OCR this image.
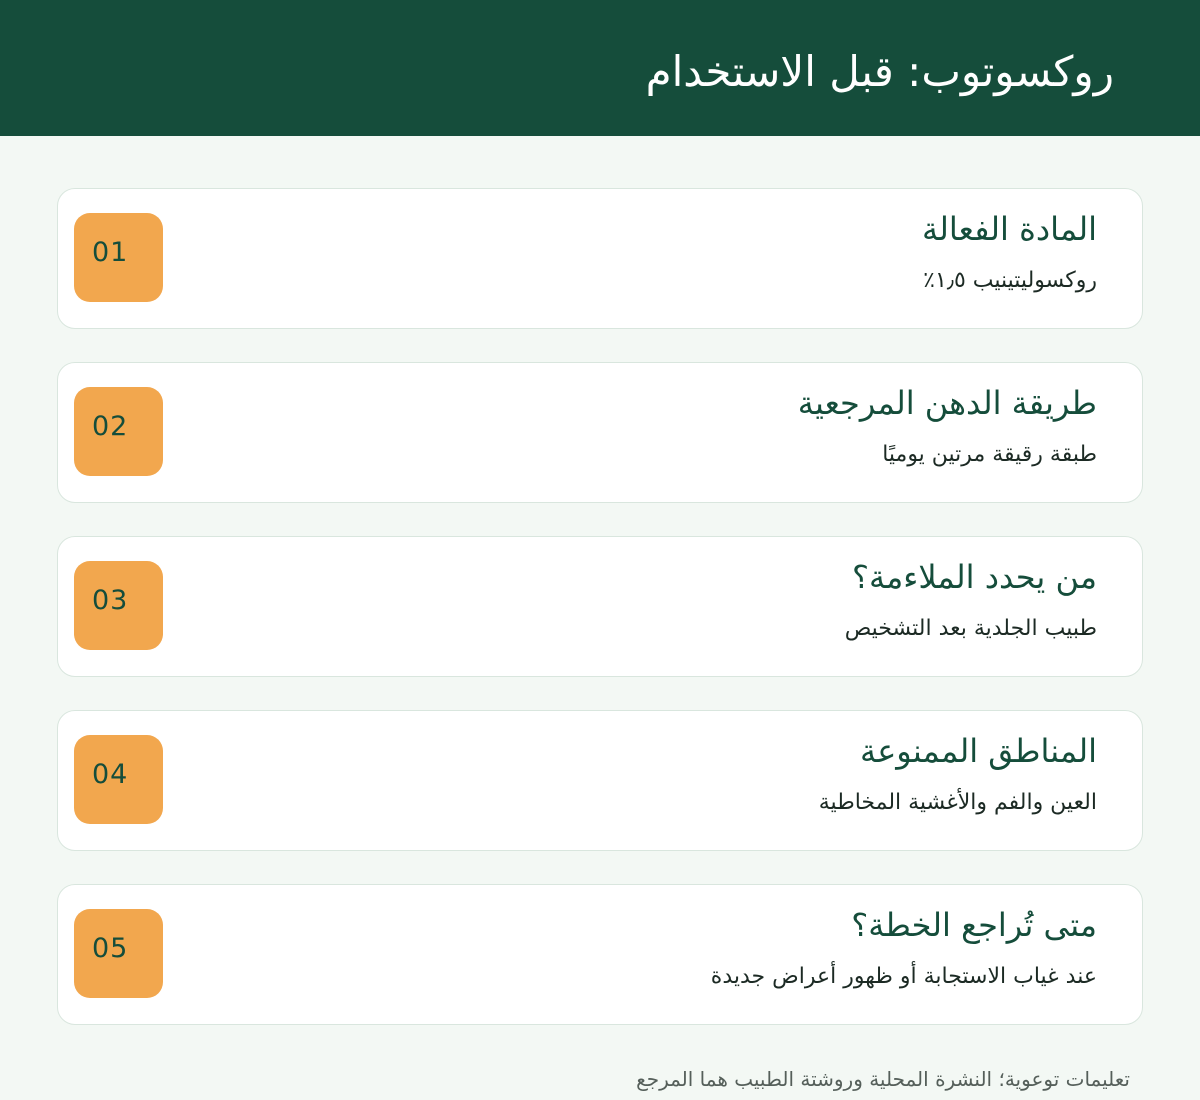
روكسوتوب: قبل الاستخدام
المادة الفعالة
روكسوليتينيب ١٫٥٪
01
طريقة الدهن المرجعية
طبقة رقيقة مرتين يوميًا
02
من يحدد الملاءمة؟
طبيب الجلدية بعد التشخيص
03
المناطق الممنوعة
العين والفم والأغشية المخاطية
04
متى تُراجع الخطة؟
عند غياب الاستجابة أو ظهور أعراض جديدة
05
تعليمات توعوية؛ النشرة المحلية وروشتة الطبيب هما المرجع
